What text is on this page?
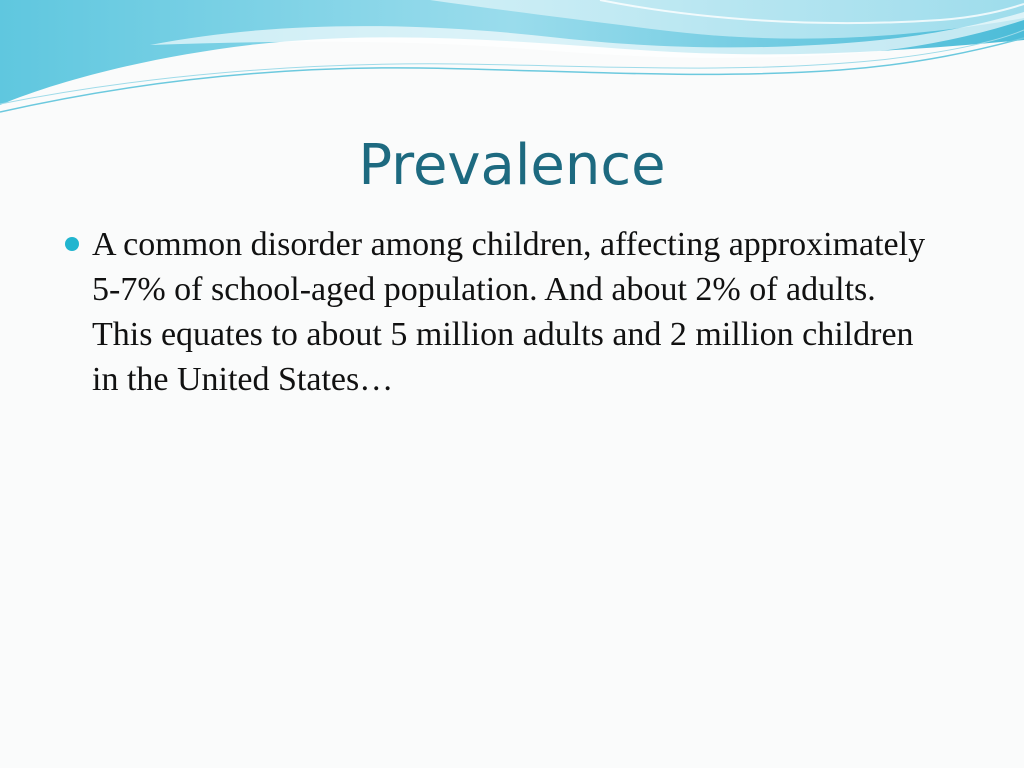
Prevalence
A common disorder among children, affecting approximately 5-7% of school-aged population. And about 2% of adults. This equates to about 5 million adults and 2 million children in the United States…
